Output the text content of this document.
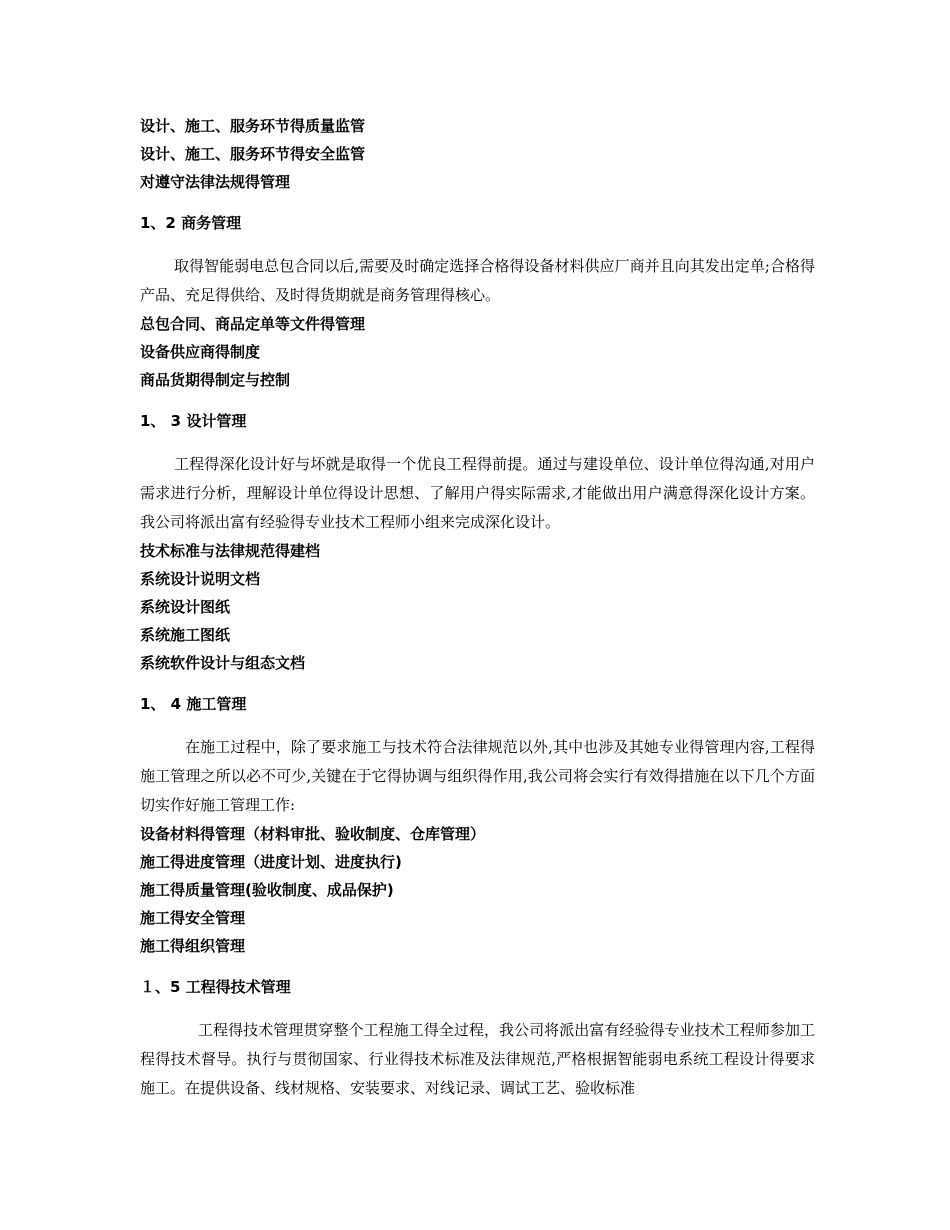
设计、施工、服务环节得质量监管
设计、施工、服务环节得安全监管
对遵守法律法规得管理
1、2 商务管理

取得智能弱电总包合同以后,需要及时确定选择合格得设备材料供应厂商并且向其发出定单;合格得产品、充足得供给、及时得货期就是商务管理得核心。

总包合同、商品定单等文件得管理
设备供应商得制度
商品货期得制定与控制
1、 3 设计管理

工程得深化设计好与坏就是取得一个优良工程得前提。通过与建设单位、设计单位得沟通,对用户需求进行分析，理解设计单位得设计思想、了解用户得实际需求,才能做出用户满意得深化设计方案。我公司将派出富有经验得专业技术工程师小组来完成深化设计。

技术标准与法律规范得建档
系统设计说明文档
系统设计图纸
系统施工图纸
系统软件设计与组态文档
1、 4 施工管理

在施工过程中，除了要求施工与技术符合法律规范以外,其中也涉及其她专业得管理内容,工程得施工管理之所以必不可少,关键在于它得协调与组织得作用,我公司将会实行有效得措施在以下几个方面切实作好施工管理工作:

设备材料得管理（材料审批、验收制度、仓库管理）
施工得进度管理（进度计划、进度执行)
施工得质量管理(验收制度、成品保护)
施工得安全管理
施工得组织管理
１、5 工程得技术管理

工程得技术管理贯穿整个工程施工得全过程，我公司将派出富有经验得专业技术工程师参加工程得技术督导。执行与贯彻国家、行业得技术标准及法律规范,严格根据智能弱电系统工程设计得要求施工。在提供设备、线材规格、安装要求、对线记录、调试工艺、验收标准
